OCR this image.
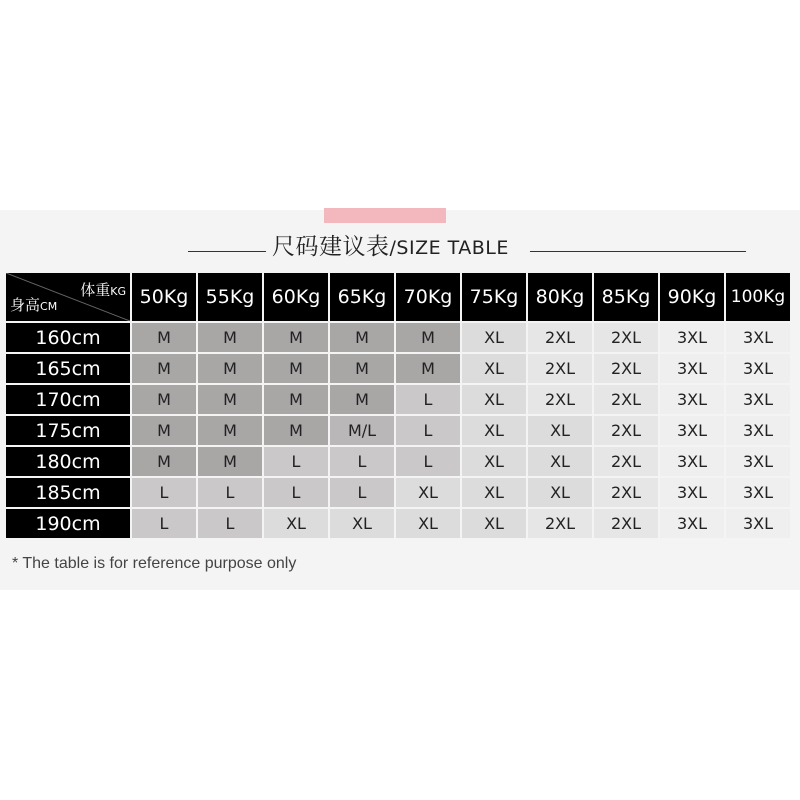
尺码建议表/SIZE TABLE
体重KG
身高CM	50Kg	55Kg	60Kg	65Kg	70Kg	75Kg	80Kg	85Kg	90Kg	100Kg
160cm	M	M	M	M	M	XL	2XL	2XL	3XL	3XL
165cm	M	M	M	M	M	XL	2XL	2XL	3XL	3XL
170cm	M	M	M	M	L	XL	2XL	2XL	3XL	3XL
175cm	M	M	M	M/L	L	XL	XL	2XL	3XL	3XL
180cm	M	M	L	L	L	XL	XL	2XL	3XL	3XL
185cm	L	L	L	L	XL	XL	XL	2XL	3XL	3XL
190cm	L	L	XL	XL	XL	XL	2XL	2XL	3XL	3XL
* The table is for reference purpose only
